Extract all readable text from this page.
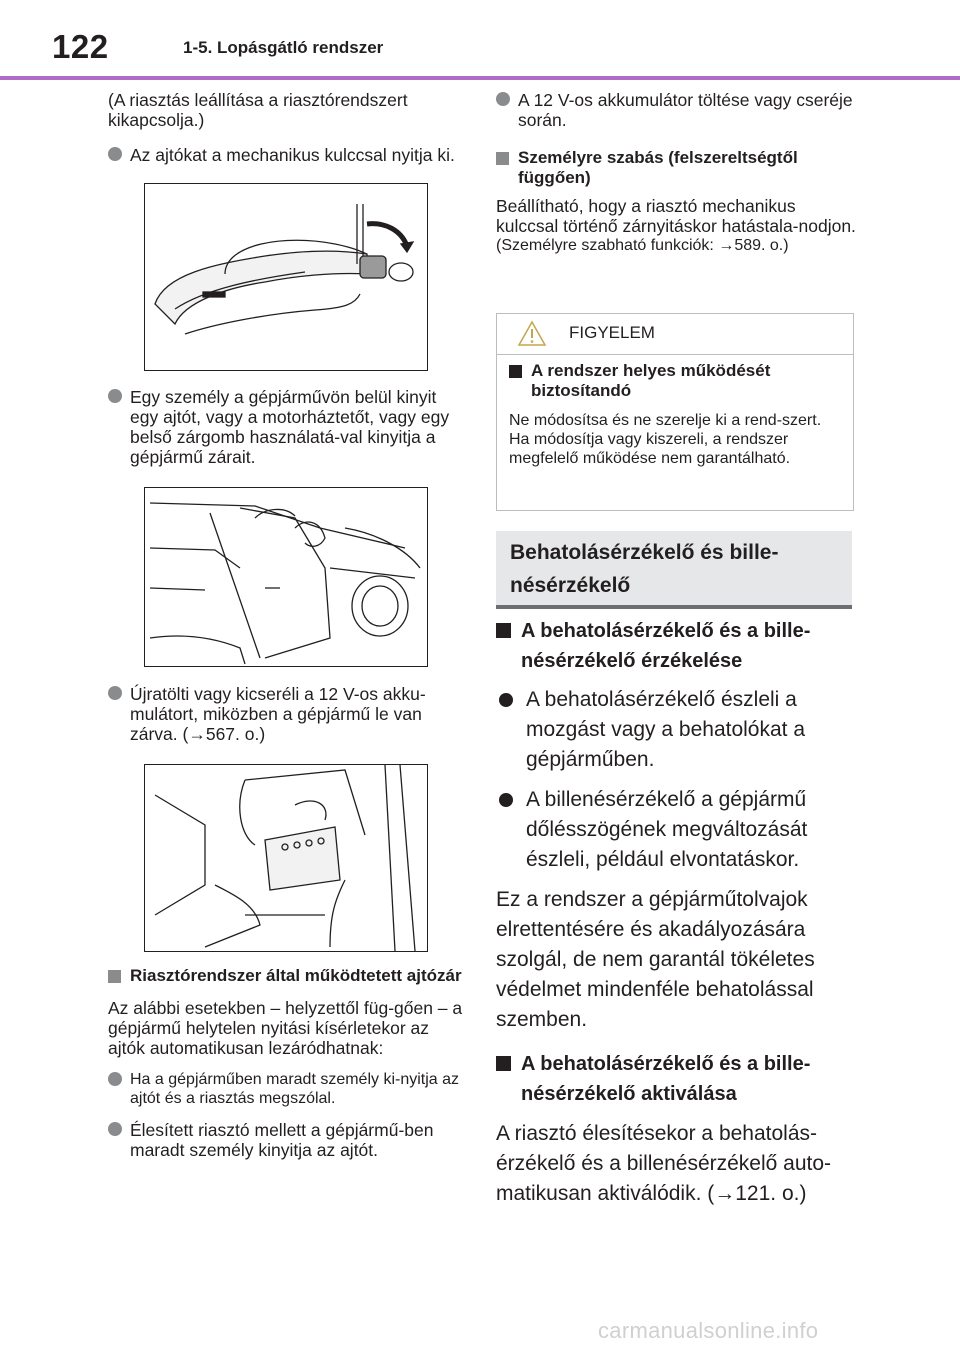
122	1-5. Lopásgátló rendszer

(A riasztás leállítása a riasztórendszert kikapcsolja.)

Az ajtókat a mechanikus kulccsal nyitja ki.
Egy személy a gépjárművön belül kinyit egy ajtót, vagy a motorháztetőt, vagy egy belső zárgomb használatá-val kinyitja a gépjármű zárait.
Újratölti vagy kicseréli a 12 V-os akku-mulátort, miközben a gépjármű le van zárva. (→567. o.)
Riasztórendszer által működtetett ajtózár

Az alábbi esetekben – helyzettől füg-gően – a gépjármű helytelen nyitási kísérletekor az ajtók automatikusan lezáródhatnak:

Ha a gépjárműben maradt személy ki-nyitja az ajtót és a riasztás megszólal.
Élesített riasztó mellett a gépjármű-ben maradt személy kinyitja az ajtót.
A 12 V-os akkumulátor töltése vagy cseréje során.
Személyre szabás (felszereltségtől függően)

Beállítható, hogy a riasztó mechanikus kulccsal történő zárnyitáskor hatástala-nodjon.

(Személyre szabható funkciók: →589. o.)

FIGYELEM
A rendszer helyes működését biztosítandó

Ne módosítsa és ne szerelje ki a rend-szert. Ha módosítja vagy kiszereli, a rendszer megfelelő működése nem garantálható.

Behatolásérzékelő és bille-nésérzékelő
A behatolásérzékelő és a bille-nésérzékelő érzékelése
A behatolásérzékelő észleli a mozgást vagy a behatolókat a gépjárműben.
A billenésérzékelő a gépjármű dőlésszögének megváltozását észleli, például elvontatáskor.

Ez a rendszer a gépjárműtolvajok elrettentésére és akadályozására szolgál, de nem garantál tökéletes védelmet mindenféle behatolással szemben.

A behatolásérzékelő és a bille-nésérzékelő aktiválása

A riasztó élesítésekor a behatolás-érzékelő és a billenésérzékelő auto-matikusan aktiválódik. (→121. o.)

carmanualsonline.info
